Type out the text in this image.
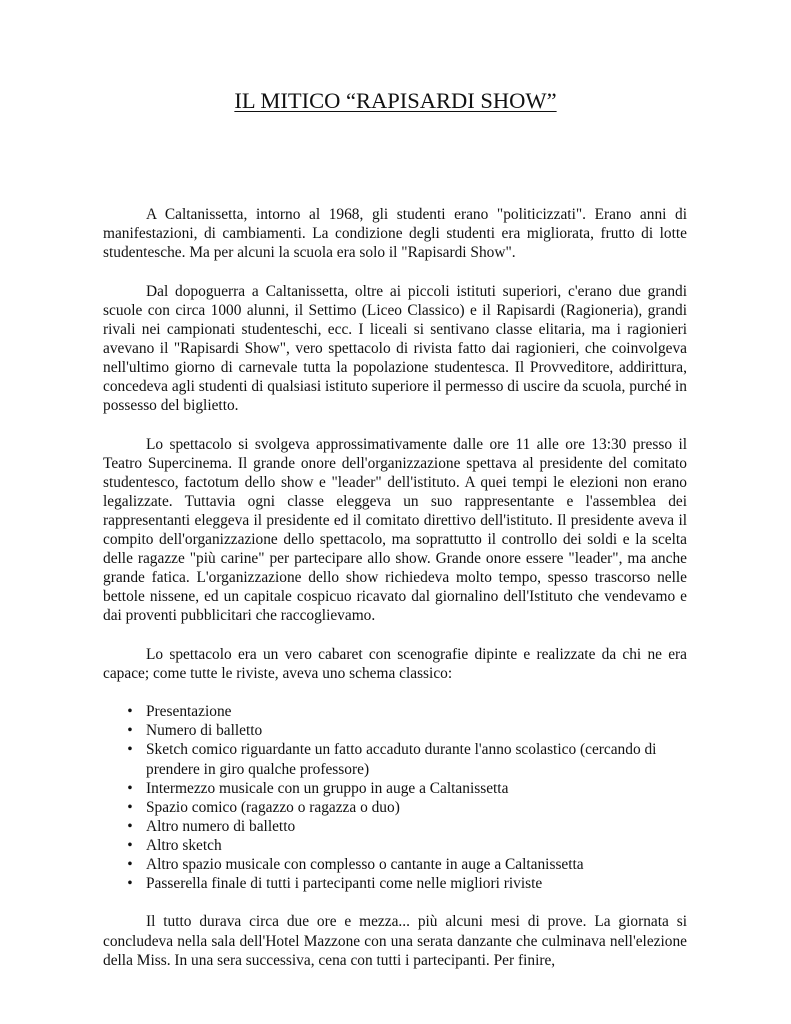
IL MITICO “RAPISARDI SHOW”

A Caltanissetta, intorno al 1968, gli studenti erano "politicizzati". Erano anni di manifestazioni, di cambiamenti. La condizione degli studenti era migliorata, frutto di lotte studentesche. Ma per alcuni la scuola era solo il "Rapisardi Show".

Dal dopoguerra a Caltanissetta, oltre ai piccoli istituti superiori, c'erano due grandi scuole con circa 1000 alunni, il Settimo (Liceo Classico) e il Rapisardi (Ragioneria), grandi rivali nei campionati studenteschi, ecc. I liceali si sentivano classe elitaria, ma i ragionieri avevano il "Rapisardi Show", vero spettacolo di rivista fatto dai ragionieri, che coinvolgeva nell'ultimo giorno di carnevale tutta la popolazione studentesca. Il Provveditore, addirittura, concedeva agli studenti di qualsiasi istituto superiore il permesso di uscire da scuola, purché in possesso del biglietto.

Lo spettacolo si svolgeva approssimativamente dalle ore 11 alle ore 13:30 presso il Teatro Supercinema. Il grande onore dell'organizzazione spettava al presidente del comitato studentesco, factotum dello show e "leader" dell'istituto. A quei tempi le elezioni non erano legalizzate. Tuttavia ogni classe eleggeva un suo rappresentante e l'assemblea dei rappresentanti eleggeva il presidente ed il comitato direttivo dell'istituto. Il presidente aveva il compito dell'organizzazione dello spettacolo, ma soprattutto il controllo dei soldi e la scelta delle ragazze "più carine" per partecipare allo show. Grande onore essere "leader", ma anche grande fatica. L'organizzazione dello show richiedeva molto tempo, spesso trascorso nelle bettole nissene, ed un capitale cospicuo ricavato dal giornalino dell'Istituto che vendevamo e dai proventi pubblicitari che raccoglievamo.

Lo spettacolo era un vero cabaret con scenografie dipinte e realizzate da chi ne era capace; come tutte le riviste, aveva uno schema classico:

• Presentazione
• Numero di balletto
• Sketch comico riguardante un fatto accaduto durante l'anno scolastico (cercando di prendere in giro qualche professore)
• Intermezzo musicale con un gruppo in auge a Caltanissetta
• Spazio comico (ragazzo o ragazza o duo)
• Altro numero di balletto
• Altro sketch
• Altro spazio musicale con complesso o cantante in auge a Caltanissetta
• Passerella finale di tutti i partecipanti come nelle migliori riviste

Il tutto durava circa due ore e mezza... più alcuni mesi di prove. La giornata si concludeva nella sala dell'Hotel Mazzone con una serata danzante che culminava nell'elezione della Miss. In una sera successiva, cena con tutti i partecipanti. Per finire,
